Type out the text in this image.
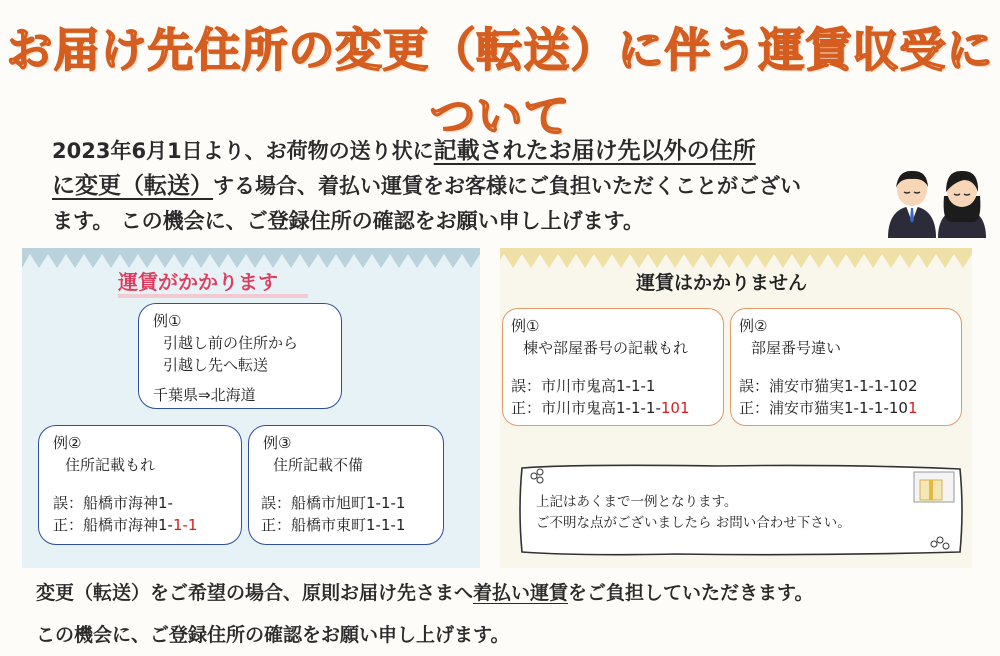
お届け先住所の変更（転送）に伴う運賃収受について
2023年6月1日より、お荷物の送り状に記載されたお届け先以外の住所
に変更（転送）する場合、着払い運賃をお客様にご負担いただくことがござい
ます。 この機会に、ご登録住所の確認をお願い申し上げます。
運賃がかかります
例①
引越し前の住所から
引越し先へ転送
千葉県⇒北海道
例②
住所記載もれ
誤：船橋市海神1-
正：船橋市海神1-1-1
例③
住所記載不備
誤：船橋市旭町1-1-1
正：船橋市東町1-1-1
運賃はかかりません
例①
棟や部屋番号の記載もれ
誤：市川市鬼高1-1-1
正：市川市鬼高1-1-1-101
例②
部屋番号違い
誤：浦安市猫実1-1-1-102
正：浦安市猫実1-1-1-101
上記はあくまで一例となります。
ご不明な点がございましたら お問い合わせ下さい。
変更（転送）をご希望の場合、原則お届け先さまへ着払い運賃をご負担していただきます。
この機会に、ご登録住所の確認をお願い申し上げます。
